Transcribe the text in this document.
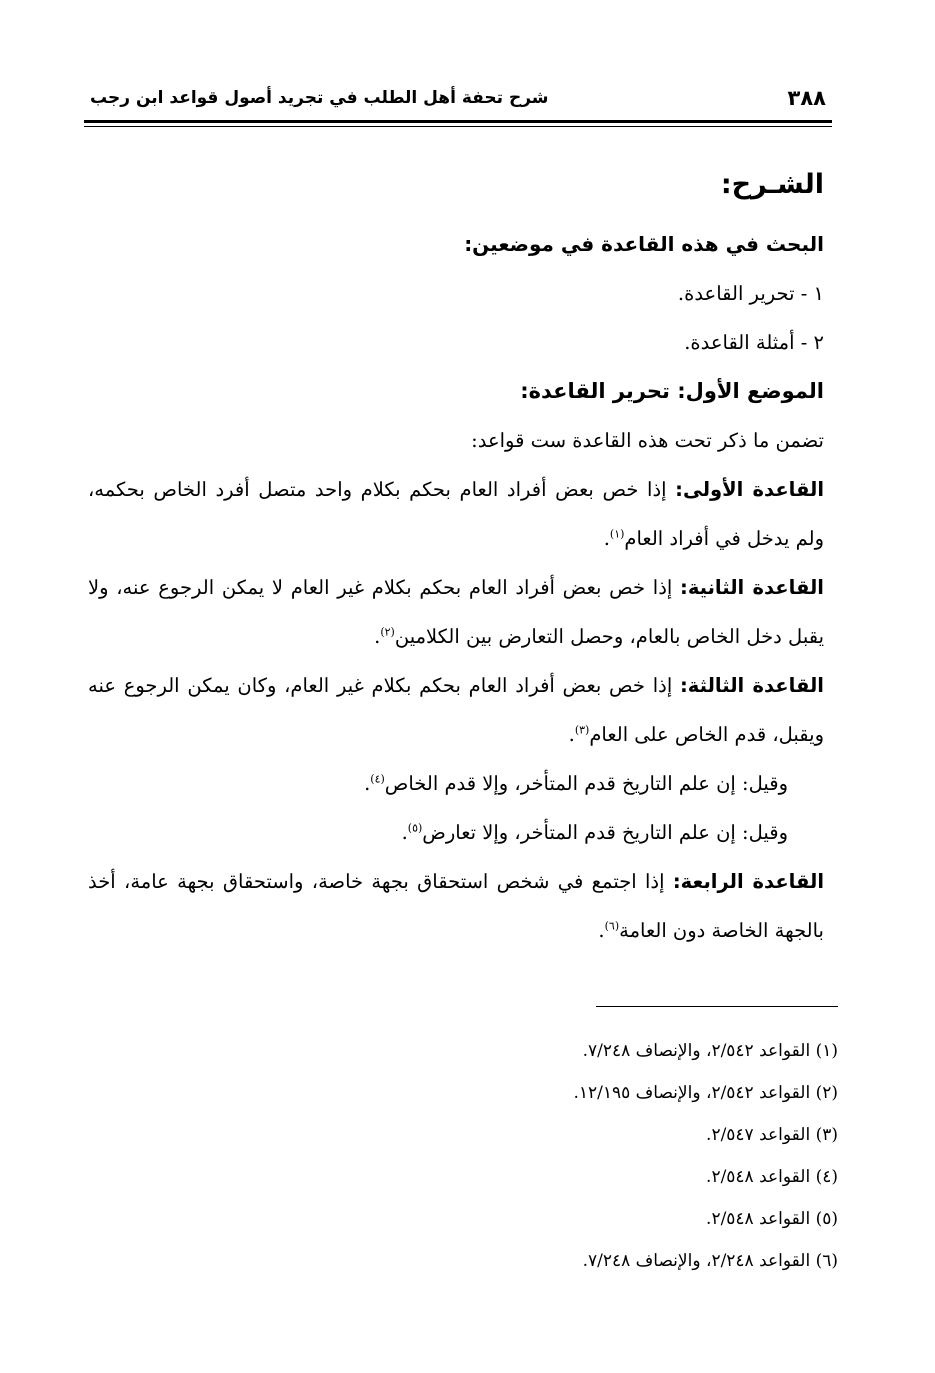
٣٨٨
شرح تحفة أهل الطلب في تجريد أصول قواعد ابن رجب

الشـرح:

البحث في هذه القاعدة في موضعين:

١ - تحرير القاعدة.

٢ - أمثلة القاعدة.

الموضع الأول: تحرير القاعدة:

تضمن ما ذكر تحت هذه القاعدة ست قواعد:

القاعدة الأولى: إذا خص بعض أفراد العام بحكم بكلام واحد متصل أفرد الخاص بحكمه، ولم يدخل في أفراد العام$^{(١)}$.

القاعدة الثانية: إذا خص بعض أفراد العام بحكم بكلام غير العام لا يمكن الرجوع عنه، ولا يقبل دخل الخاص بالعام، وحصل التعارض بين الكلامين$^{(٢)}$.

القاعدة الثالثة: إذا خص بعض أفراد العام بحكم بكلام غير العام، وكان يمكن الرجوع عنه ويقبل، قدم الخاص على العام$^{(٣)}$.

وقيل: إن علم التاريخ قدم المتأخر، وإلا قدم الخاص$^{(٤)}$.

وقيل: إن علم التاريخ قدم المتأخر، وإلا تعارض$^{(٥)}$.

القاعدة الرابعة: إذا اجتمع في شخص استحقاق بجهة خاصة، واستحقاق بجهة عامة، أخذ بالجهة الخاصة دون العامة$^{(٦)}$.

(١) القواعد ٢/٥٤٢، والإنصاف ٧/٢٤٨.

(٢) القواعد ٢/٥٤٢، والإنصاف ١٢/١٩٥.

(٣) القواعد ٢/٥٤٧.

(٤) القواعد ٢/٥٤٨.

(٥) القواعد ٢/٥٤٨.

(٦) القواعد ٢/٢٤٨، والإنصاف ٧/٢٤٨.
